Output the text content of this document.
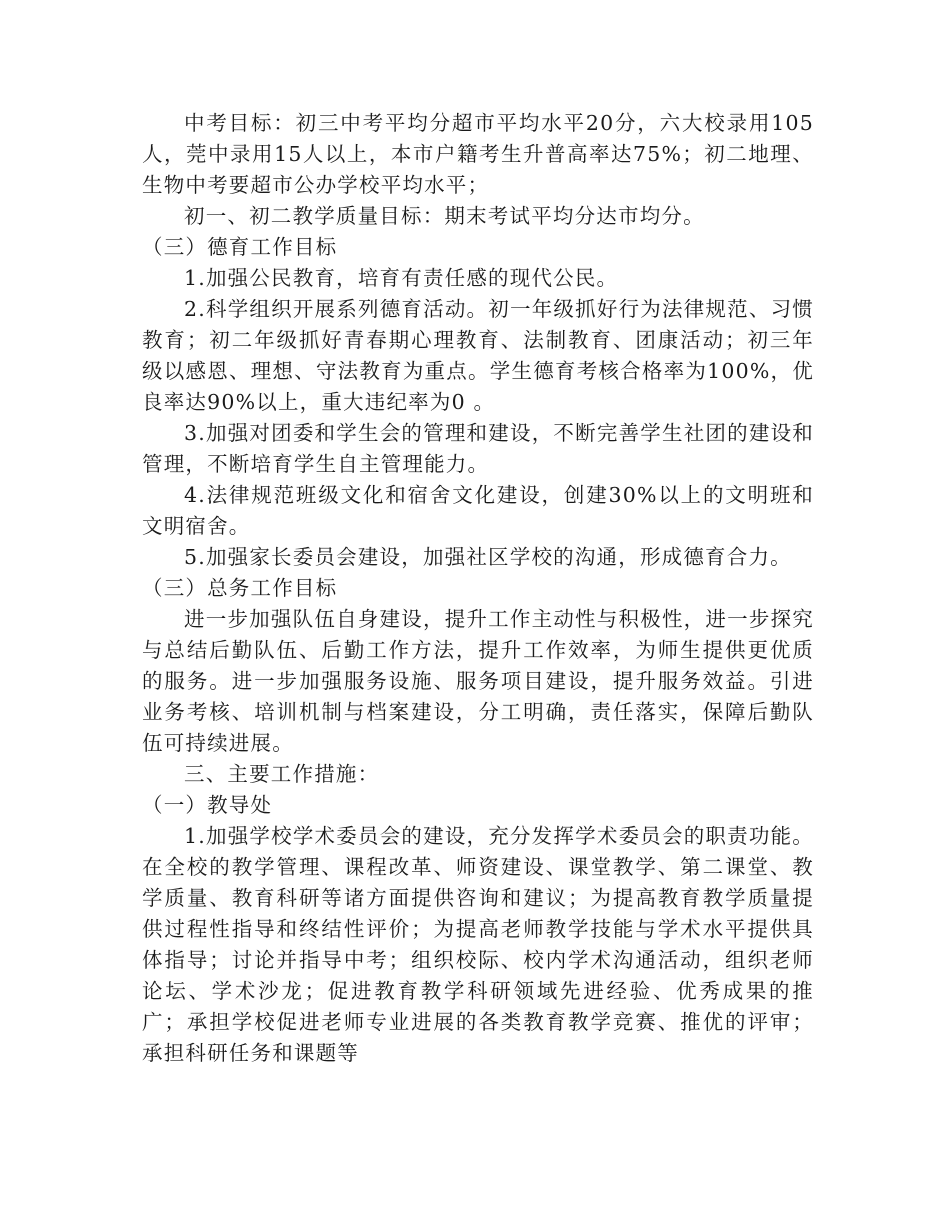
中考目标：初三中考平均分超市平均水平20分，六大校录用105人，莞中录用15人以上，本市户籍考生升普高率达75%；初二地理、生物中考要超市公办学校平均水平；

初一、初二教学质量目标：期末考试平均分达市均分。

（三）德育工作目标

1.加强公民教育，培育有责任感的现代公民。

2.科学组织开展系列德育活动。初一年级抓好行为法律规范、习惯教育；初二年级抓好青春期心理教育、法制教育、团康活动；初三年级以感恩、理想、守法教育为重点。学生德育考核合格率为100%，优良率达90%以上，重大违纪率为0 。

3.加强对团委和学生会的管理和建设，不断完善学生社团的建设和管理，不断培育学生自主管理能力。

4.法律规范班级文化和宿舍文化建设，创建30%以上的文明班和文明宿舍。

5.加强家长委员会建设，加强社区学校的沟通，形成德育合力。

（三）总务工作目标

进一步加强队伍自身建设，提升工作主动性与积极性，进一步探究与总结后勤队伍、后勤工作方法，提升工作效率，为师生提供更优质的服务。进一步加强服务设施、服务项目建设，提升服务效益。引进业务考核、培训机制与档案建设，分工明确，责任落实，保障后勤队伍可持续进展。

三、主要工作措施：

（一）教导处

1.加强学校学术委员会的建设，充分发挥学术委员会的职责功能。在全校的教学管理、课程改革、师资建设、课堂教学、第二课堂、教学质量、教育科研等诸方面提供咨询和建议；为提高教育教学质量提供过程性指导和终结性评价；为提高老师教学技能与学术水平提供具体指导；讨论并指导中考；组织校际、校内学术沟通活动，组织老师论坛、学术沙龙；促进教育教学科研领域先进经验、优秀成果的推广；承担学校促进老师专业进展的各类教育教学竞赛、推优的评审；承担科研任务和课题等
